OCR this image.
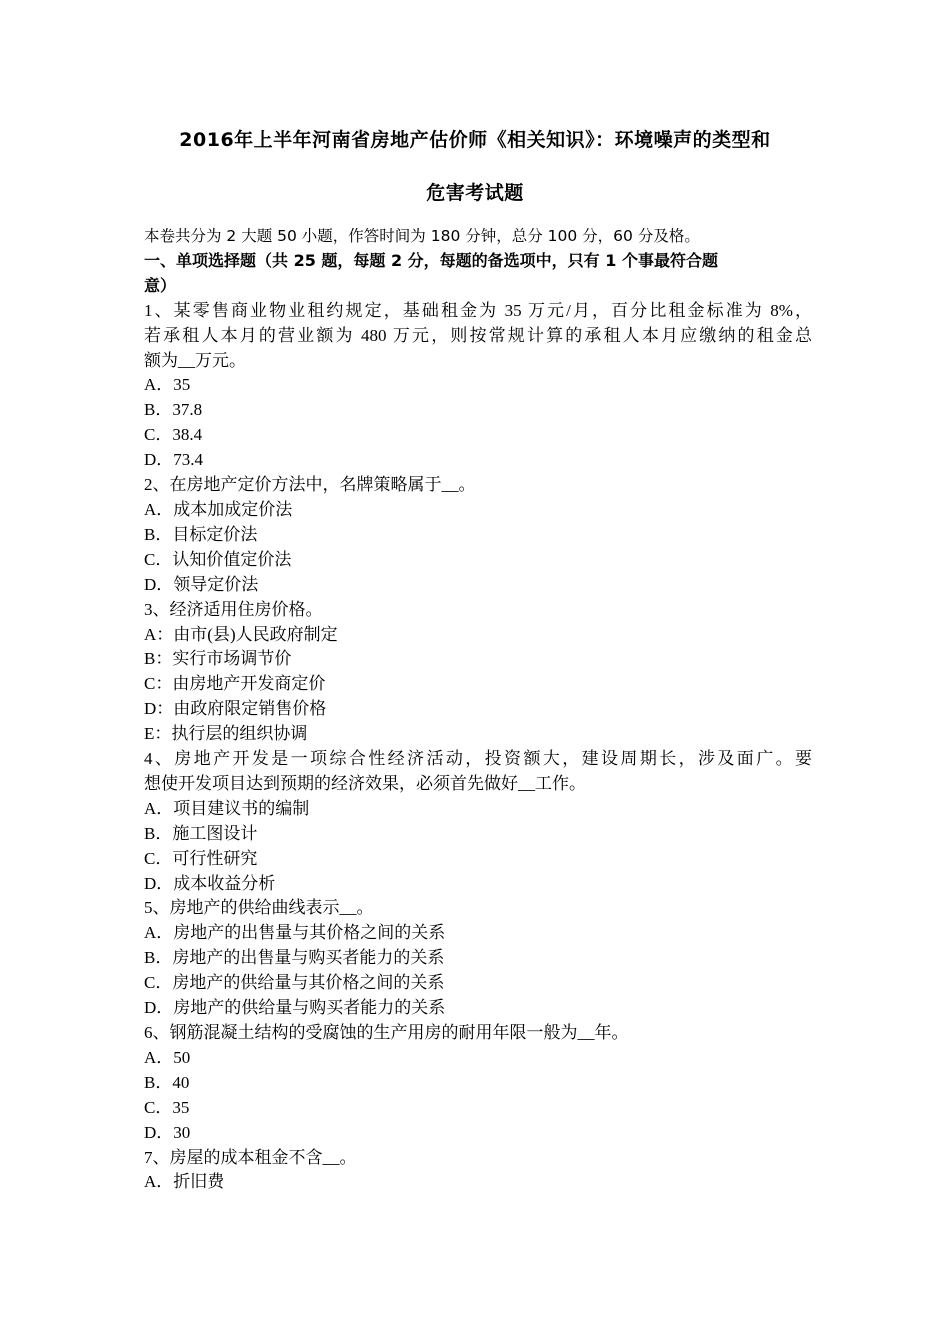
2016年上半年河南省房地产估价师《相关知识》：环境噪声的类型和
危害考试题

本卷共分为 2 大题 50 小题，作答时间为 180 分钟，总分 100 分，60 分及格。

一、单项选择题（共 25 题，每题 2 分，每题的备选项中，只有 1 个事最符合题

意）

1、某零售商业物业租约规定，基础租金为 35 万元/月，百分比租金标准为 8%，

若承租人本月的营业额为 480 万元，则按常规计算的承租人本月应缴纳的租金总

额为__万元。

A．35

B．37.8

C．38.4

D．73.4

2、在房地产定价方法中，名牌策略属于__。

A．成本加成定价法

B．目标定价法

C．认知价值定价法

D．领导定价法

3、经济适用住房价格。

A：由市(县)人民政府制定

B：实行市场调节价

C：由房地产开发商定价

D：由政府限定销售价格

E：执行层的组织协调

4、房地产开发是一项综合性经济活动，投资额大，建设周期长，涉及面广。要

想使开发项目达到预期的经济效果，必须首先做好__工作。

A．项目建议书的编制

B．施工图设计

C．可行性研究

D．成本收益分析

5、房地产的供给曲线表示__。

A．房地产的出售量与其价格之间的关系

B．房地产的出售量与购买者能力的关系

C．房地产的供给量与其价格之间的关系

D．房地产的供给量与购买者能力的关系

6、钢筋混凝土结构的受腐蚀的生产用房的耐用年限一般为__年。

A．50

B．40

C．35

D．30

7、房屋的成本租金不含__。

A．折旧费
